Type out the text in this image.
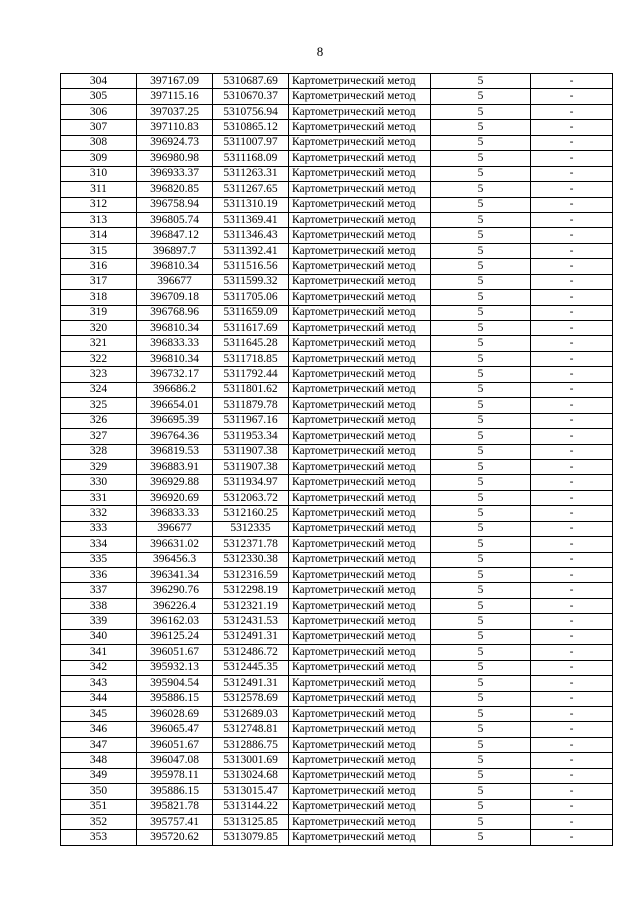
8
304	397167.09	5310687.69	Картометрический метод	5	-
305	397115.16	5310670.37	Картометрический метод	5	-
306	397037.25	5310756.94	Картометрический метод	5	-
307	397110.83	5310865.12	Картометрический метод	5	-
308	396924.73	5311007.97	Картометрический метод	5	-
309	396980.98	5311168.09	Картометрический метод	5	-
310	396933.37	5311263.31	Картометрический метод	5	-
311	396820.85	5311267.65	Картометрический метод	5	-
312	396758.94	5311310.19	Картометрический метод	5	-
313	396805.74	5311369.41	Картометрический метод	5	-
314	396847.12	5311346.43	Картометрический метод	5	-
315	396897.7	5311392.41	Картометрический метод	5	-
316	396810.34	5311516.56	Картометрический метод	5	-
317	396677	5311599.32	Картометрический метод	5	-
318	396709.18	5311705.06	Картометрический метод	5	-
319	396768.96	5311659.09	Картометрический метод	5	-
320	396810.34	5311617.69	Картометрический метод	5	-
321	396833.33	5311645.28	Картометрический метод	5	-
322	396810.34	5311718.85	Картометрический метод	5	-
323	396732.17	5311792.44	Картометрический метод	5	-
324	396686.2	5311801.62	Картометрический метод	5	-
325	396654.01	5311879.78	Картометрический метод	5	-
326	396695.39	5311967.16	Картометрический метод	5	-
327	396764.36	5311953.34	Картометрический метод	5	-
328	396819.53	5311907.38	Картометрический метод	5	-
329	396883.91	5311907.38	Картометрический метод	5	-
330	396929.88	5311934.97	Картометрический метод	5	-
331	396920.69	5312063.72	Картометрический метод	5	-
332	396833.33	5312160.25	Картометрический метод	5	-
333	396677	5312335	Картометрический метод	5	-
334	396631.02	5312371.78	Картометрический метод	5	-
335	396456.3	5312330.38	Картометрический метод	5	-
336	396341.34	5312316.59	Картометрический метод	5	-
337	396290.76	5312298.19	Картометрический метод	5	-
338	396226.4	5312321.19	Картометрический метод	5	-
339	396162.03	5312431.53	Картометрический метод	5	-
340	396125.24	5312491.31	Картометрический метод	5	-
341	396051.67	5312486.72	Картометрический метод	5	-
342	395932.13	5312445.35	Картометрический метод	5	-
343	395904.54	5312491.31	Картометрический метод	5	-
344	395886.15	5312578.69	Картометрический метод	5	-
345	396028.69	5312689.03	Картометрический метод	5	-
346	396065.47	5312748.81	Картометрический метод	5	-
347	396051.67	5312886.75	Картометрический метод	5	-
348	396047.08	5313001.69	Картометрический метод	5	-
349	395978.11	5313024.68	Картометрический метод	5	-
350	395886.15	5313015.47	Картометрический метод	5	-
351	395821.78	5313144.22	Картометрический метод	5	-
352	395757.41	5313125.85	Картометрический метод	5	-
353	395720.62	5313079.85	Картометрический метод	5	-
